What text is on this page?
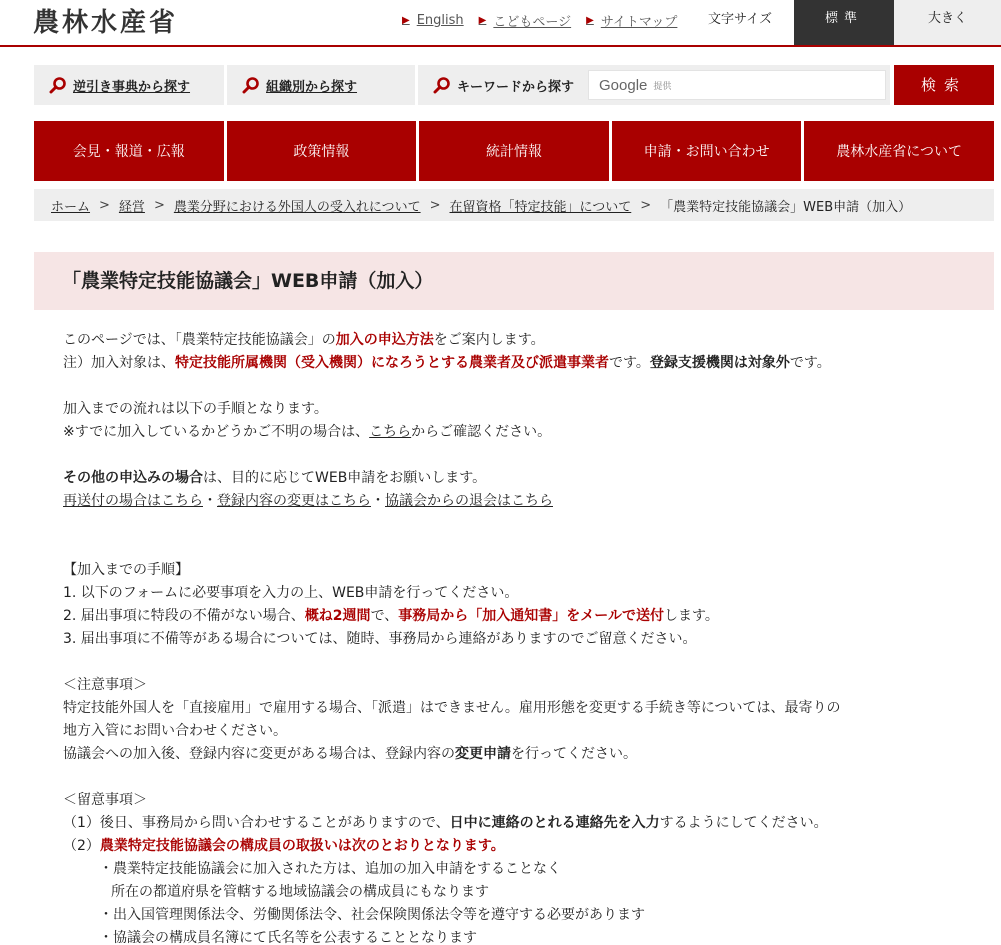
農林水産省	▶ English ▶ こどもページ ▶ サイトマップ 文字サイズ	標準	大きく
逆引き事典から探す	組織別から探す	キーワードから探す Google 提供	検索
会見・報道・広報	政策情報	統計情報	申請・お問い合わせ	農林水産省について
ホーム > 経営 > 農業分野における外国人の受入れについて > 在留資格「特定技能」について > 「農業特定技能協議会」WEB申請（加入）
「農業特定技能協議会」WEB申請（加入）

このページでは、「農業特定技能協議会」の加入の申込方法をご案内します。

注）加入対象は、特定技能所属機関（受入機関）になろうとする農業者及び派遣事業者です。登録支援機関は対象外です。

加入までの流れは以下の手順となります。

※すでに加入しているかどうかご不明の場合は、こちらからご確認ください。

その他の申込みの場合は、目的に応じてWEB申請をお願いします。

再送付の場合はこちら・登録内容の変更はこちら・協議会からの退会はこちら

【加入までの手順】

1. 以下のフォームに必要事項を入力の上、WEB申請を行ってください。

2. 届出事項に特段の不備がない場合、概ね2週間で、事務局から「加入通知書」をメールで送付します。

3. 届出事項に不備等がある場合については、随時、事務局から連絡がありますのでご留意ください。

＜注意事項＞

特定技能外国人を「直接雇用」で雇用する場合、「派遣」はできません。雇用形態を変更する手続き等については、最寄りの

地方入管にお問い合わせください。

協議会への加入後、登録内容に変更がある場合は、登録内容の変更申請を行ってください。

＜留意事項＞

（1）後日、事務局から問い合わせすることがありますので、日中に連絡のとれる連絡先を入力するようにしてください。

（2）農業特定技能協議会の構成員の取扱いは次のとおりとなります。

・農業特定技能協議会に加入された方は、追加の加入申請をすることなく

所在の都道府県を管轄する地域協議会の構成員にもなります

・出入国管理関係法令、労働関係法令、社会保険関係法令等を遵守する必要があります

・協議会の構成員名簿にて氏名等を公表することとなります
